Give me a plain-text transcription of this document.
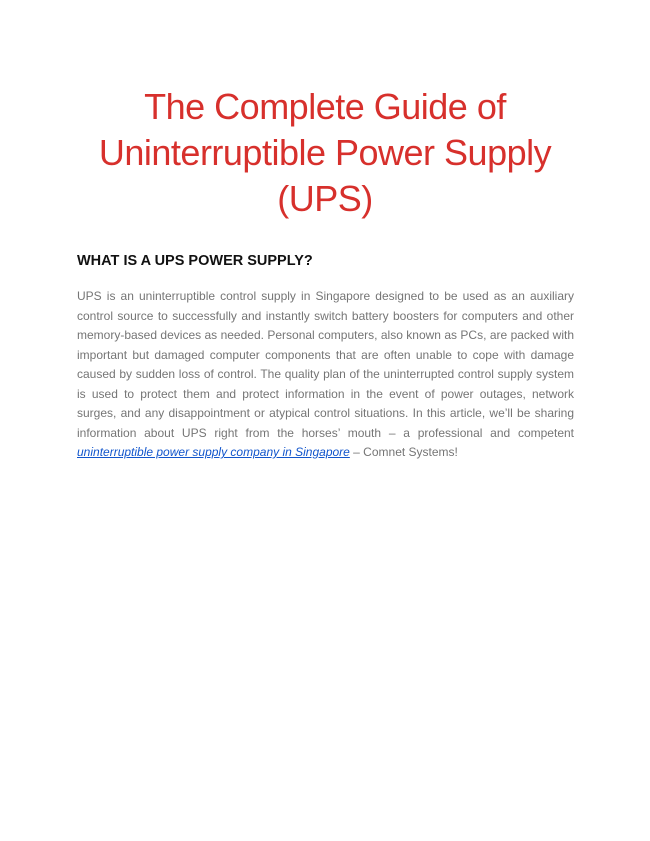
The Complete Guide of
Uninterruptible Power Supply
(UPS)
WHAT IS A UPS POWER SUPPLY?

UPS is an uninterruptible control supply in Singapore designed to be used as an auxiliary control source to successfully and instantly switch battery boosters for computers and other memory-based devices as needed. Personal computers, also known as PCs, are packed with important but damaged computer components that are often unable to cope with damage caused by sudden loss of control. The quality plan of the uninterrupted control supply system is used to protect them and protect information in the event of power outages, network surges, and any disappointment or atypical control situations. In this article, we’ll be sharing information about UPS right from the horses’ mouth – a professional and competent uninterruptible power supply company in Singapore – Comnet Systems!
